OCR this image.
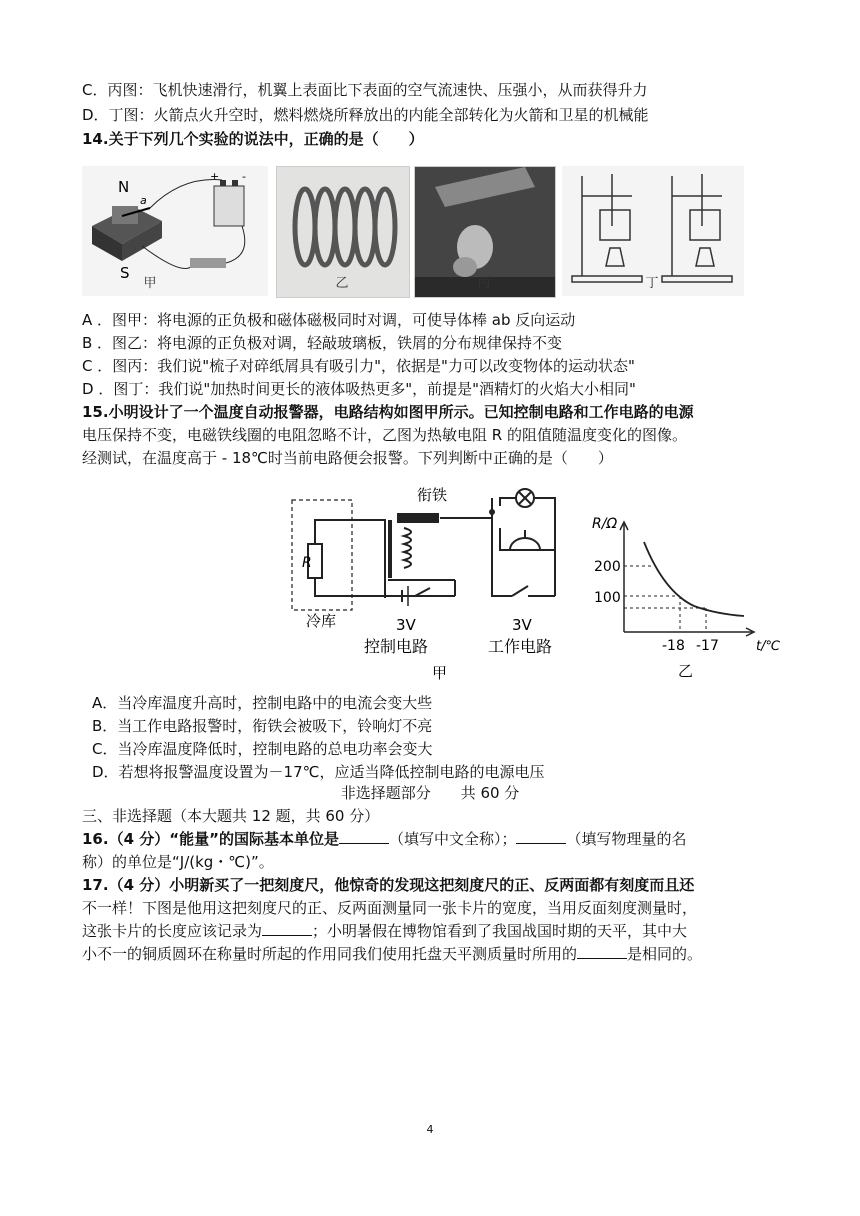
C．丙图：飞机快速滑行，机翼上表面比下表面的空气流速快、压强小，从而获得升力
D．丁图：火箭点火升空时，燃料燃烧所释放出的内能全部转化为火箭和卫星的机械能
14.关于下列几个实验的说法中，正确的是（　　）
N
S
a
+ -
甲	乙	丙	丁
A ．图甲：将电源的正负极和磁体磁极同时对调，可使导体棒 ab 反向运动
B ．图乙：将电源的正负极对调，轻敲玻璃板，铁屑的分布规律保持不变
C ．图丙：我们说"梳子对碎纸屑具有吸引力"，依据是"力可以改变物体的运动状态"
D ．图丁：我们说"加热时间更长的液体吸热更多"，前提是"酒精灯的火焰大小相同"
15.小明设计了一个温度自动报警器，电路结构如图甲所示。已知控制电路和工作电路的电源
电压保持不变，电磁铁线圈的电阻忽略不计，乙图为热敏电阻 R 的阻值随温度变化的图像。
经测试，在温度高于 - 18℃时当前电路便会报警。下列判断中正确的是（　　）
衔铁
R
冷库	3V	3V
控制电路	工作电路
甲
R/Ω
t/℃
200
100
-18 -17
乙
A．当冷库温度升高时，控制电路中的电流会变大些
B．当工作电路报警时，衔铁会被吸下，铃响灯不亮
C．当冷库温度降低时，控制电路的总电功率会变大
D．若想将报警温度设置为－17℃，应适当降低控制电路的电源电压
非选择题部分　　共 60 分
三、非选择题（本大题共 12 题，共 60 分）
16.（4 分）“能量”的国际基本单位是	（填写中文全称）；	（填写物理量的名
称）的单位是“J/(kg・℃)”。
17.（4 分）小明新买了一把刻度尺，他惊奇的发现这把刻度尺的正、反两面都有刻度而且还
不一样！下图是他用这把刻度尺的正、反两面测量同一张卡片的宽度，当用反面刻度测量时，
这张卡片的长度应该记录为	；小明暑假在博物馆看到了我国战国时期的天平，其中大
小不一的铜质圆环在称量时所起的作用同我们使用托盘天平测质量时所用的	是相同的。
4
